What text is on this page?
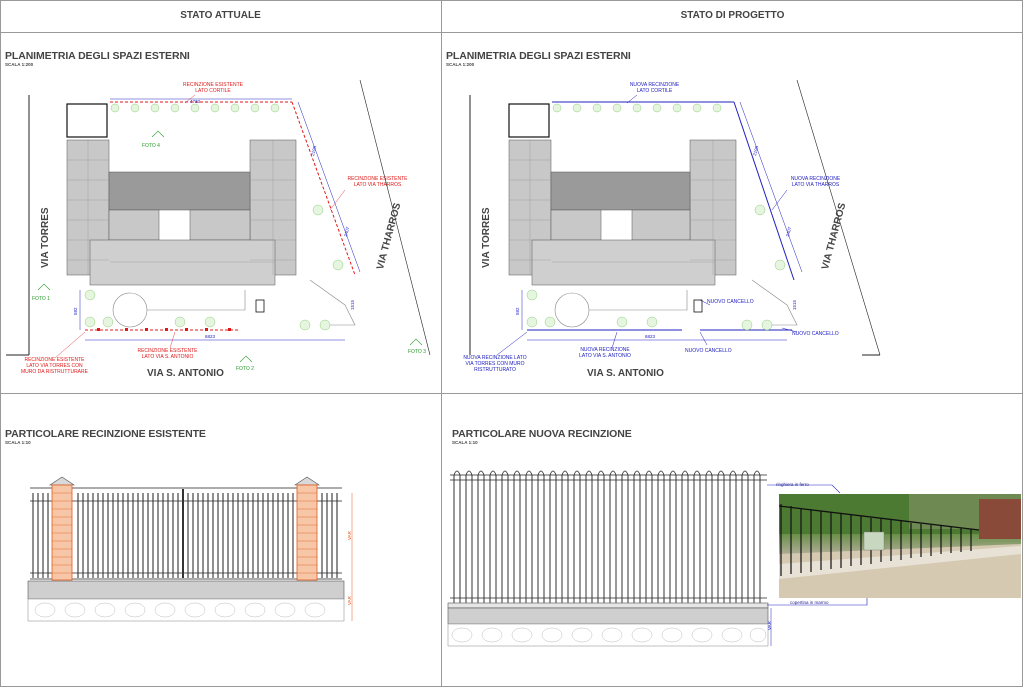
STATO ATTUALE	STATO DI PROGETTO
PLANIMETRIA DEGLI SPAZI ESTERNI
SCALA 1:200
RECINZIONE ESISTENTE
LATO CORTILE
RECINZIONE ESISTENTE
LATO VIA THARROS
RECINZIONE ESISTENTE
LATO VIA TORRES CON
MURO DA RISTRUTTURARE
RECINZIONE ESISTENTE
LATO VIA S. ANTONIO
FOTO 4
FOTO 1
FOTO 2
FOTO 3
VIA TORRES	VIA THARROS
VIA S. ANTONIO
4733
2198
2407
6823
582
1515
PLANIMETRIA DEGLI SPAZI ESTERNI
SCALA 1:200
NUOVA RECINZIONE
LATO CORTILE
NUOVA RECINZIONE
LATO VIA THARROS
NUOVA RECINZIONE LATO
VIA TORRES CON MURO
RISTRUTTURATO
NUOVA RECINZIONE
LATO VIA S. ANTONIO
NUOVO CANCELLO
NUOVO CANCELLO
NUOVO CANCELLO
VIA TORRES	VIA THARROS
VIA S. ANTONIO
2198
2407
6823
582
1515
PARTICOLARE RECINZIONE ESISTENTE
SCALA 1:10
VAR
VAR
PARTICOLARE NUOVA RECINZIONE
SCALA 1:10
VAR
ringhiera in ferro
copertina in marmo
